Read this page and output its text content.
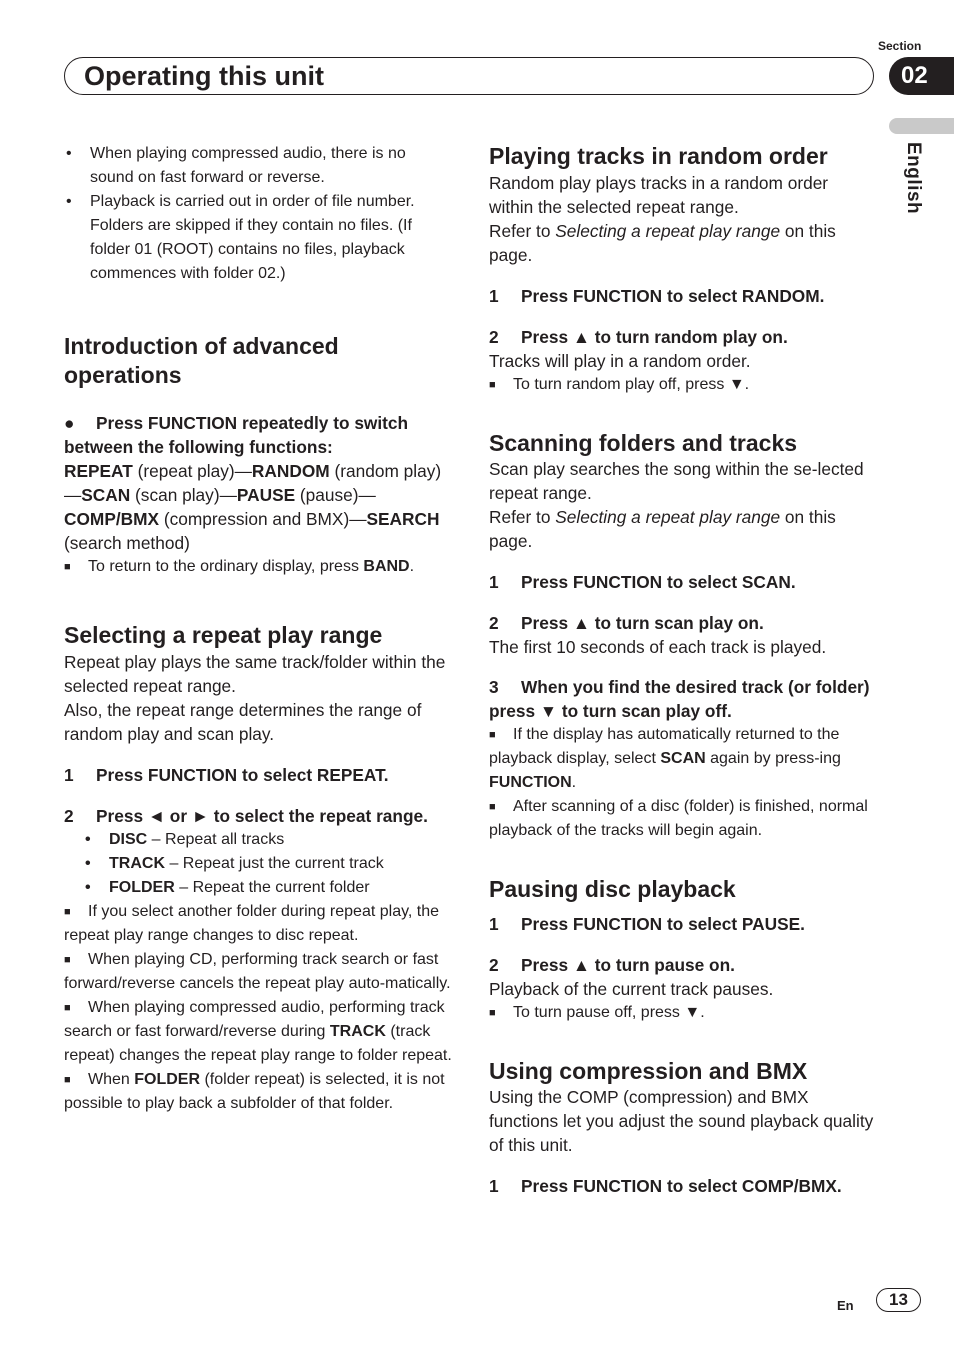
Operating this unit
Section
02
English

• When playing compressed audio, there is no sound on fast forward or reverse.

• Playback is carried out in order of file number. Folders are skipped if they contain no files. (If folder 01 (ROOT) contains no files, playback commences with folder 02.)

Introduction of advanced operations

● Press FUNCTION repeatedly to switch between the following functions:

REPEAT (repeat play)—RANDOM (random play)—SCAN (scan play)—PAUSE (pause)—COMP/BMX (compression and BMX)—SEARCH (search method)

■ To return to the ordinary display, press BAND.

Selecting a repeat play range

Repeat play plays the same track/folder within the selected repeat range.

Also, the repeat range determines the range of random play and scan play.

1 Press FUNCTION to select REPEAT.

2 Press ◄ or ► to select the repeat range.

• DISC – Repeat all tracks

• TRACK – Repeat just the current track

• FOLDER – Repeat the current folder

■ If you select another folder during repeat play, the repeat play range changes to disc repeat.

■ When playing CD, performing track search or fast forward/reverse cancels the repeat play auto-matically.

■ When playing compressed audio, performing track search or fast forward/reverse during TRACK (track repeat) changes the repeat play range to folder repeat.

■ When FOLDER (folder repeat) is selected, it is not possible to play back a subfolder of that folder.

Playing tracks in random order

Random play plays tracks in a random order within the selected repeat range.

Refer to Selecting a repeat play range on this page.

1 Press FUNCTION to select RANDOM.

2 Press ▲ to turn random play on.

Tracks will play in a random order.

■ To turn random play off, press ▼.

Scanning folders and tracks

Scan play searches the song within the se-lected repeat range.

Refer to Selecting a repeat play range on this page.

1 Press FUNCTION to select SCAN.

2 Press ▲ to turn scan play on.

The first 10 seconds of each track is played.

3 When you find the desired track (or folder) press ▼ to turn scan play off.

■ If the display has automatically returned to the playback display, select SCAN again by press-ing FUNCTION.

■ After scanning of a disc (folder) is finished, normal playback of the tracks will begin again.

Pausing disc playback

1 Press FUNCTION to select PAUSE.

2 Press ▲ to turn pause on.

Playback of the current track pauses.

■ To turn pause off, press ▼.

Using compression and BMX

Using the COMP (compression) and BMX functions let you adjust the sound playback quality of this unit.

1 Press FUNCTION to select COMP/BMX.

En	13
